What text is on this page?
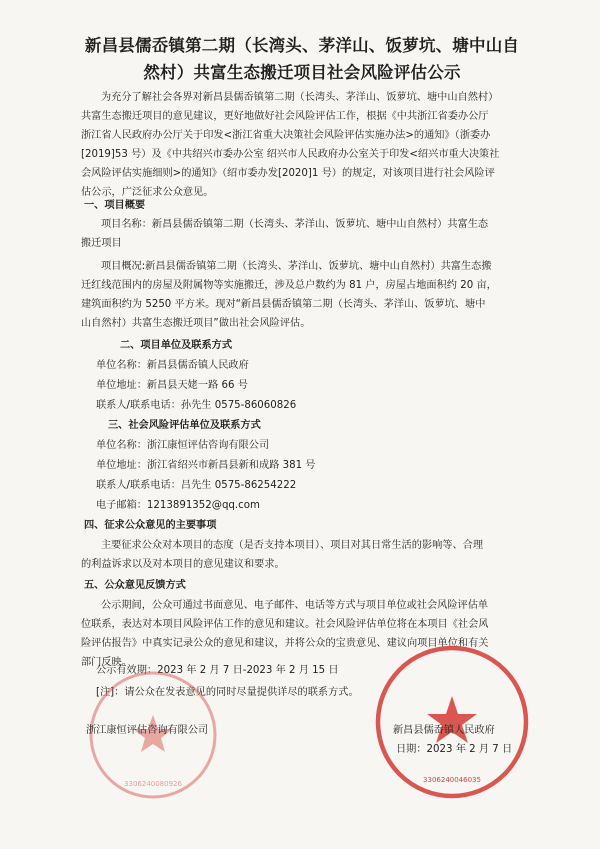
新昌县儒岙镇第二期（长湾头、茅洋山、饭萝坑、塘中山自
然村）共富生态搬迁项目社会风险评估公示
为充分了解社会各界对新昌县儒岙镇第二期（长湾头、茅洋山、饭萝坑、塘中山自然村）
共富生态搬迁项目的意见建议，更好地做好社会风险评估工作，根据《中共浙江省委办公厅
浙江省人民政府办公厅关于印发<浙江省重大决策社会风险评估实施办法>的通知》（浙委办
[2019]53 号）及《中共绍兴市委办公室 绍兴市人民政府办公室关于印发<绍兴市重大决策社
会风险评估实施细则>的通知》（绍市委办发[2020]1 号）的规定，对该项目进行社会风险评
估公示，广泛征求公众意见。
一、项目概要
项目名称：新昌县儒岙镇第二期（长湾头、茅洋山、饭萝坑、塘中山自然村）共富生态
搬迁项目
项目概况:新昌县儒岙镇第二期（长湾头、茅洋山、饭萝坑、塘中山自然村）共富生态搬
迁红线范围内的房屋及附属物等实施搬迁，涉及总户数约为 81 户，房屋占地面积约 20 亩，
建筑面积约为 5250 平方米。现对“新昌县儒岙镇第二期（长湾头、茅洋山、饭萝坑、塘中
山自然村）共富生态搬迁项目”做出社会风险评估。
二、项目单位及联系方式
单位名称：新昌县儒岙镇人民政府
单位地址：新昌县天姥一路 66 号
联系人/联系电话：孙先生 0575-86060826
三、社会风险评估单位及联系方式
单位名称：浙江康恒评估咨询有限公司
单位地址：浙江省绍兴市新昌县新和成路 381 号
联系人/联系电话：吕先生 0575-86254222
电子邮箱：1213891352@qq.com
四、征求公众意见的主要事项
主要征求公众对本项目的态度（是否支持本项目）、项目对其日常生活的影响等、合理
的利益诉求以及对本项目的意见建议和要求。
五、公众意见反馈方式
公示期间，公众可通过书面意见、电子邮件、电话等方式与项目单位或社会风险评估单
位联系，表达对本项目风险评估工作的意见和建议。社会风险评估单位将在本项目《社会风
险评估报告》中真实记录公众的意见和建议，并将公众的宝贵意见、建议向项目单位和有关
部门反映。
公示有效期：2023 年 2 月 7 日-2023 年 2 月 15 日
[注]：请公众在发表意见的同时尽量提供详尽的联系方式。
3306240080926	3306240046035
浙江康恒评估咨询有限公司	新昌县儒岙镇人民政府
日期：2023 年 2 月 7 日
